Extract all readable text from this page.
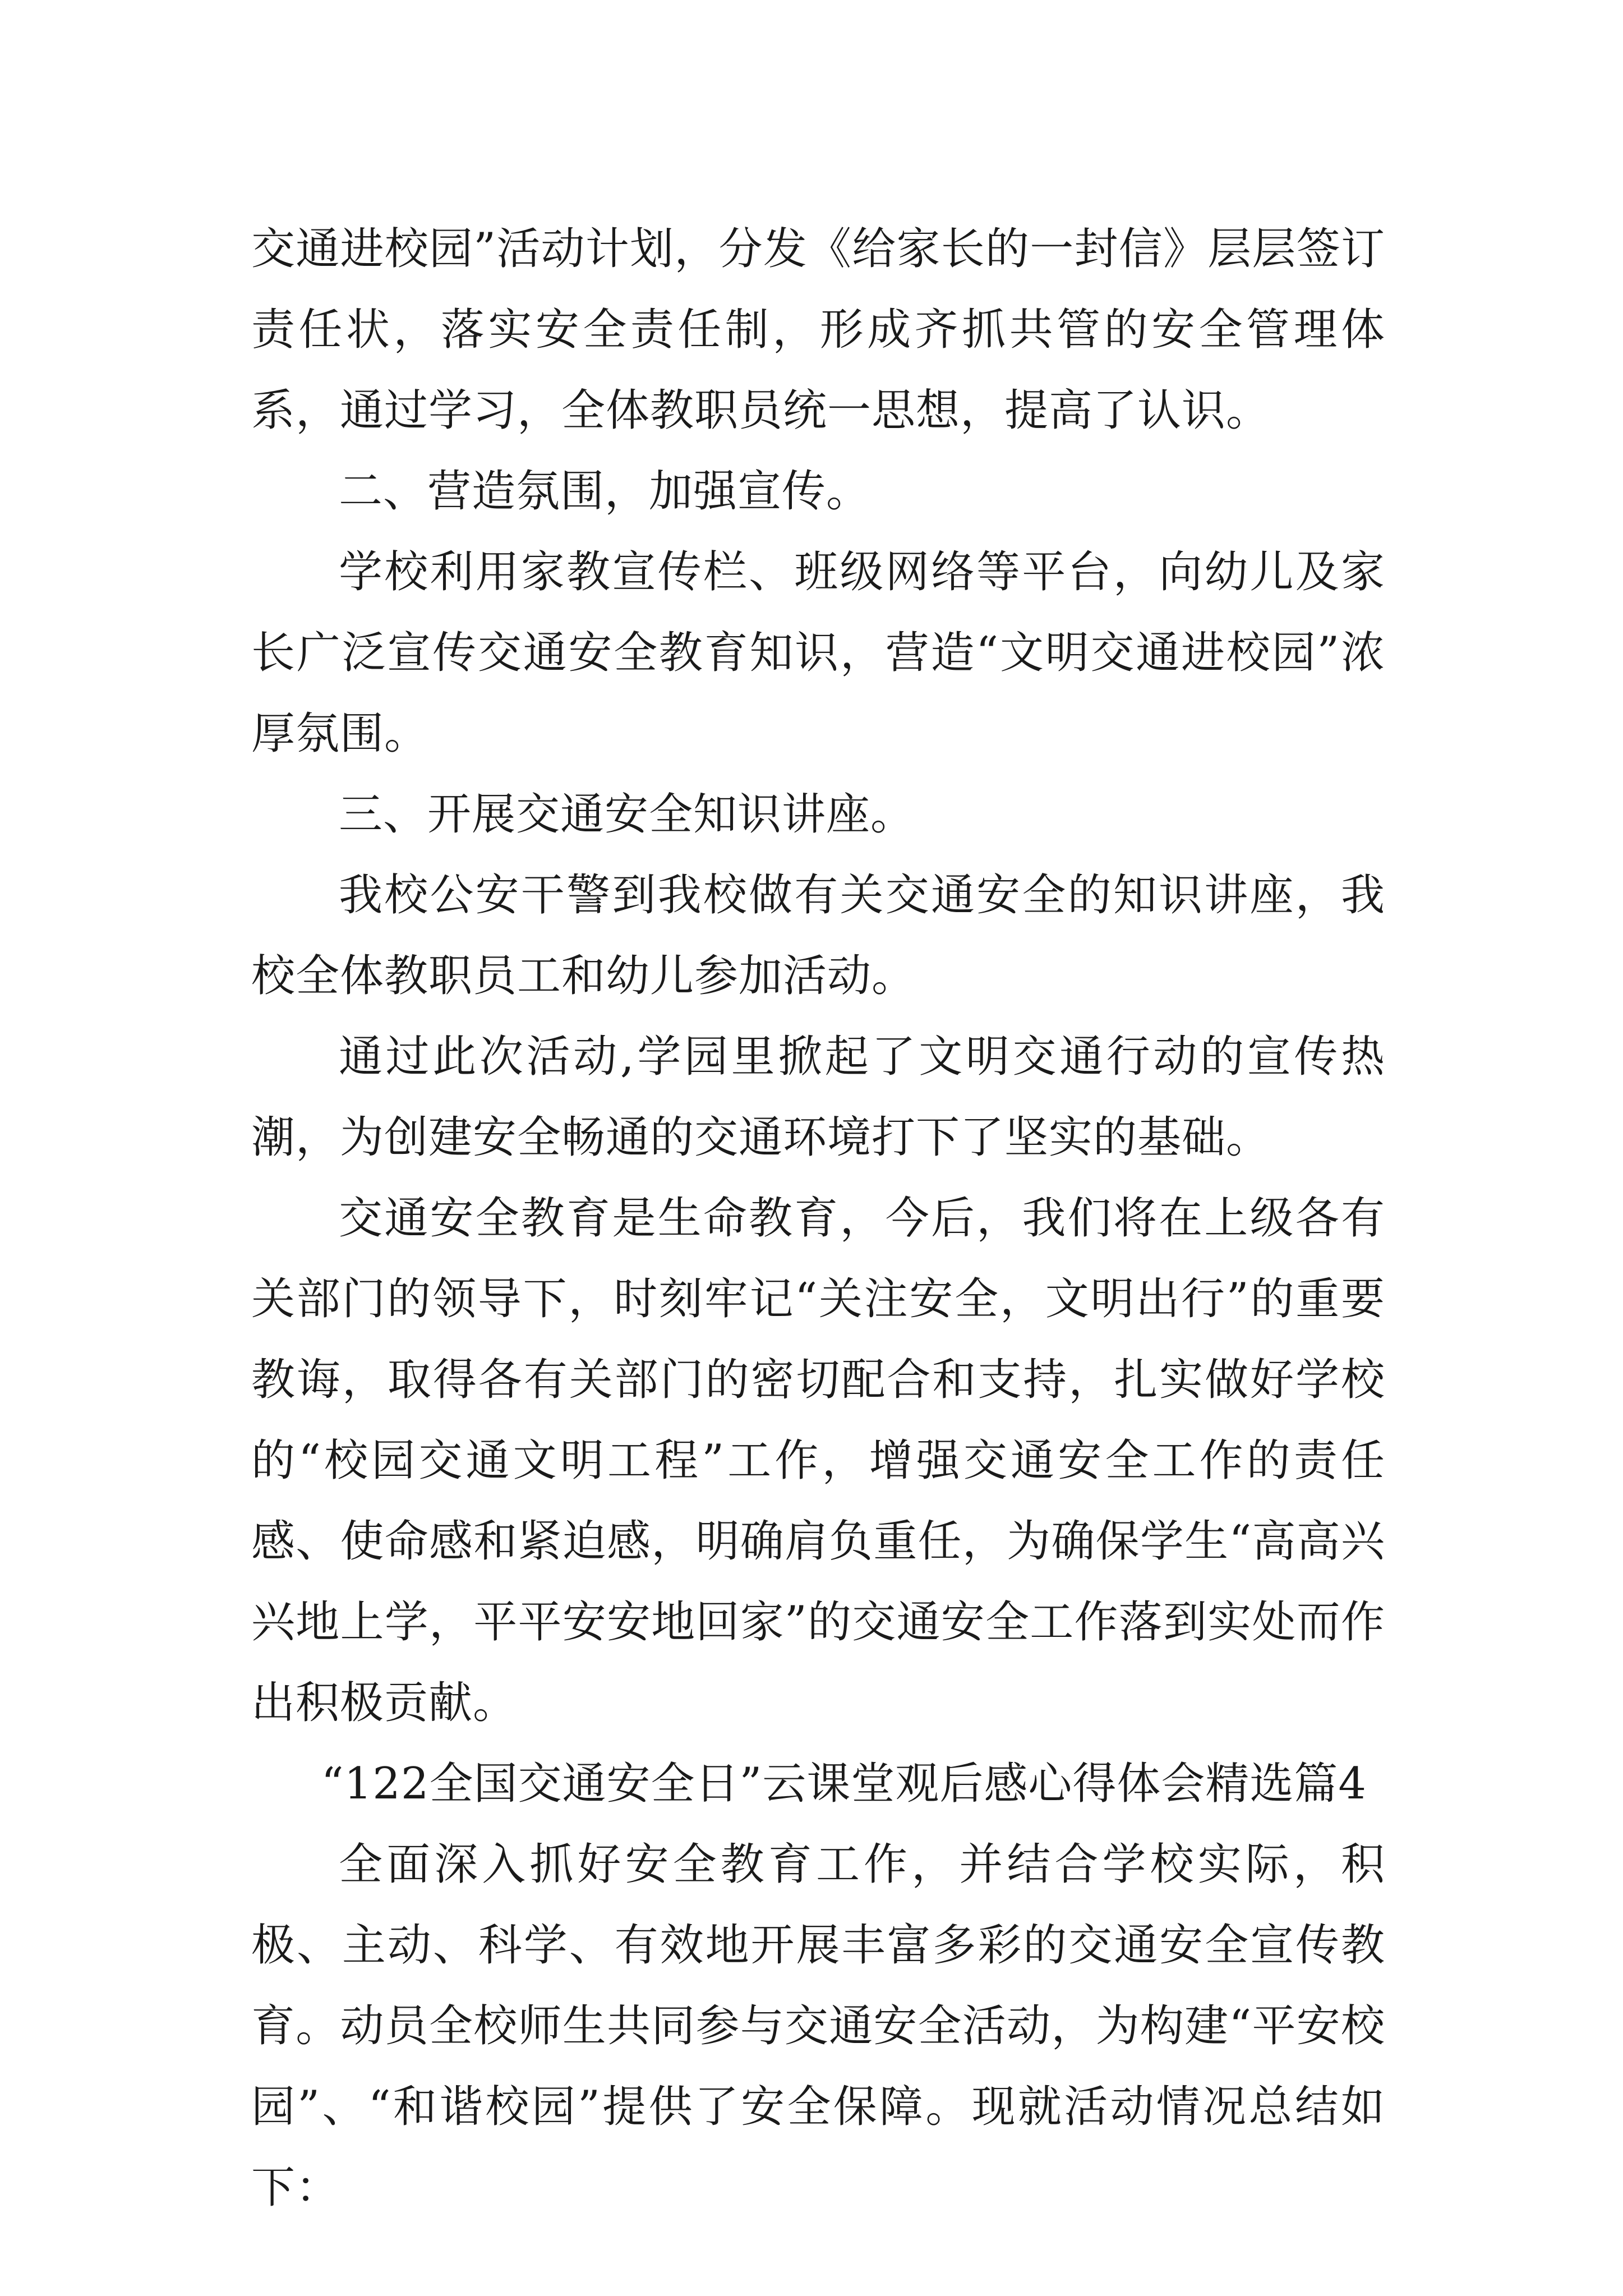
交通进校园”活动计划，分发《给家长的一封信》层层签订责任状，落实安全责任制，形成齐抓共管的安全管理体系，通过学习，全体教职员统一思想，提高了认识。

二、营造氛围，加强宣传。

学校利用家教宣传栏、班级网络等平台，向幼儿及家长广泛宣传交通安全教育知识，营造“文明交通进校园”浓厚氛围。

三、开展交通安全知识讲座。

我校公安干警到我校做有关交通安全的知识讲座，我校全体教职员工和幼儿参加活动。

通过此次活动,学园里掀起了文明交通行动的宣传热潮，为创建安全畅通的交通环境打下了坚实的基础。

交通安全教育是生命教育，今后，我们将在上级各有关部门的领导下，时刻牢记“关注安全，文明出行”的重要教诲，取得各有关部门的密切配合和支持，扎实做好学校的“校园交通文明工程”工作，增强交通安全工作的责任感、使命感和紧迫感，明确肩负重任，为确保学生“高高兴兴地上学，平平安安地回家”的交通安全工作落到实处而作出积极贡献。

“122全国交通安全日”云课堂观后感心得体会精选篇4

全面深入抓好安全教育工作，并结合学校实际，积极、主动、科学、有效地开展丰富多彩的交通安全宣传教育。动员全校师生共同参与交通安全活动，为构建“平安校园”、“和谐校园”提供了安全保障。现就活动情况总结如下：
